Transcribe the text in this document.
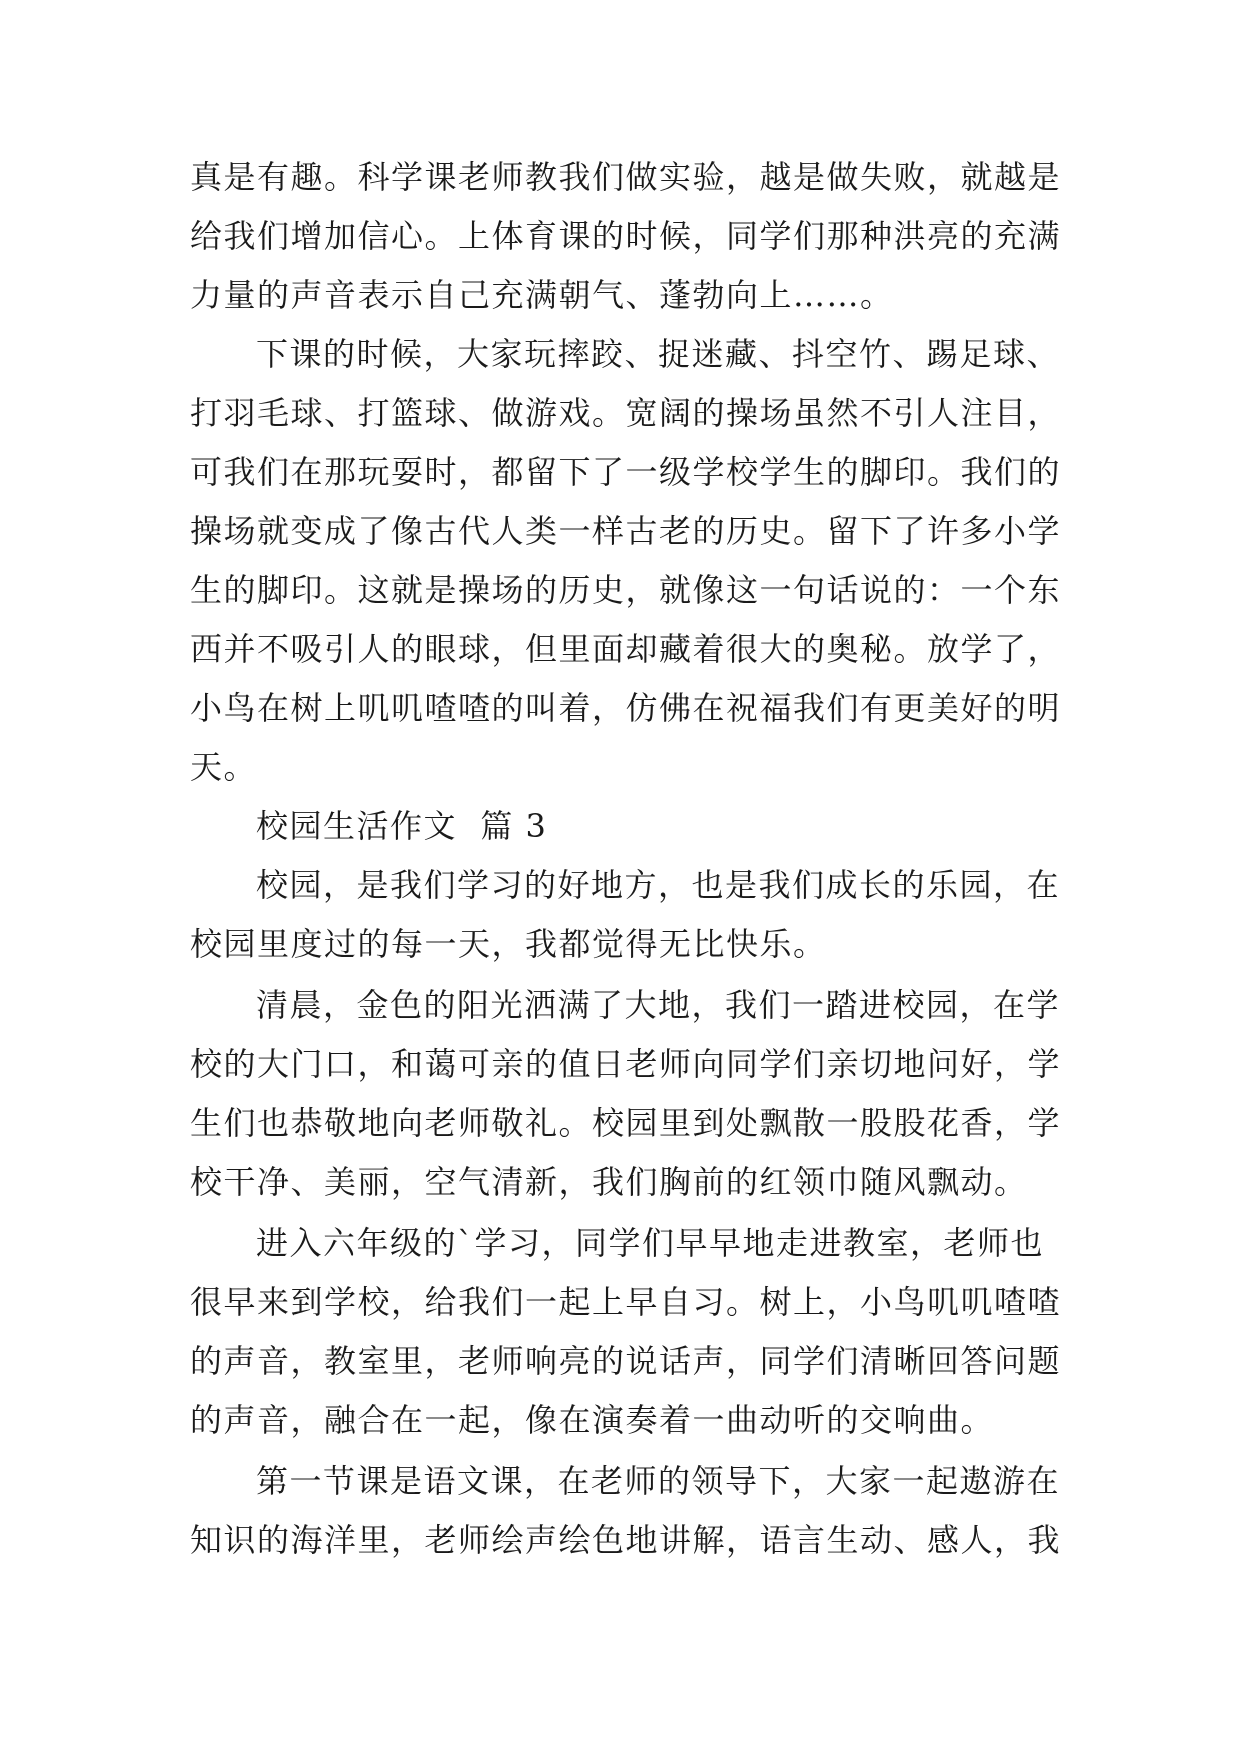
真是有趣。科学课老师教我们做实验，越是做失败，就越是
给我们增加信心。上体育课的时候，同学们那种洪亮的充满
力量的声音表示自己充满朝气、蓬勃向上……。
下课的时候，大家玩摔跤、捉迷藏、抖空竹、踢足球、
打羽毛球、打篮球、做游戏。宽阔的操场虽然不引人注目，
可我们在那玩耍时，都留下了一级学校学生的脚印。我们的
操场就变成了像古代人类一样古老的历史。留下了许多小学
生的脚印。这就是操场的历史，就像这一句话说的：一个东
西并不吸引人的眼球，但里面却藏着很大的奥秘。放学了，
小鸟在树上叽叽喳喳的叫着，仿佛在祝福我们有更美好的明
天。
校园生活作文  篇 3
校园，是我们学习的好地方，也是我们成长的乐园，在
校园里度过的每一天，我都觉得无比快乐。
清晨，金色的阳光洒满了大地，我们一踏进校园，在学
校的大门口，和蔼可亲的值日老师向同学们亲切地问好，学
生们也恭敬地向老师敬礼。校园里到处飘散一股股花香，学
校干净、美丽，空气清新，我们胸前的红领巾随风飘动。
进入六年级的`学习，同学们早早地走进教室，老师也
很早来到学校，给我们一起上早自习。树上，小鸟叽叽喳喳
的声音，教室里，老师响亮的说话声，同学们清晰回答问题
的声音，融合在一起，像在演奏着一曲动听的交响曲。
第一节课是语文课，在老师的领导下，大家一起遨游在
知识的海洋里，老师绘声绘色地讲解，语言生动、感人，我
